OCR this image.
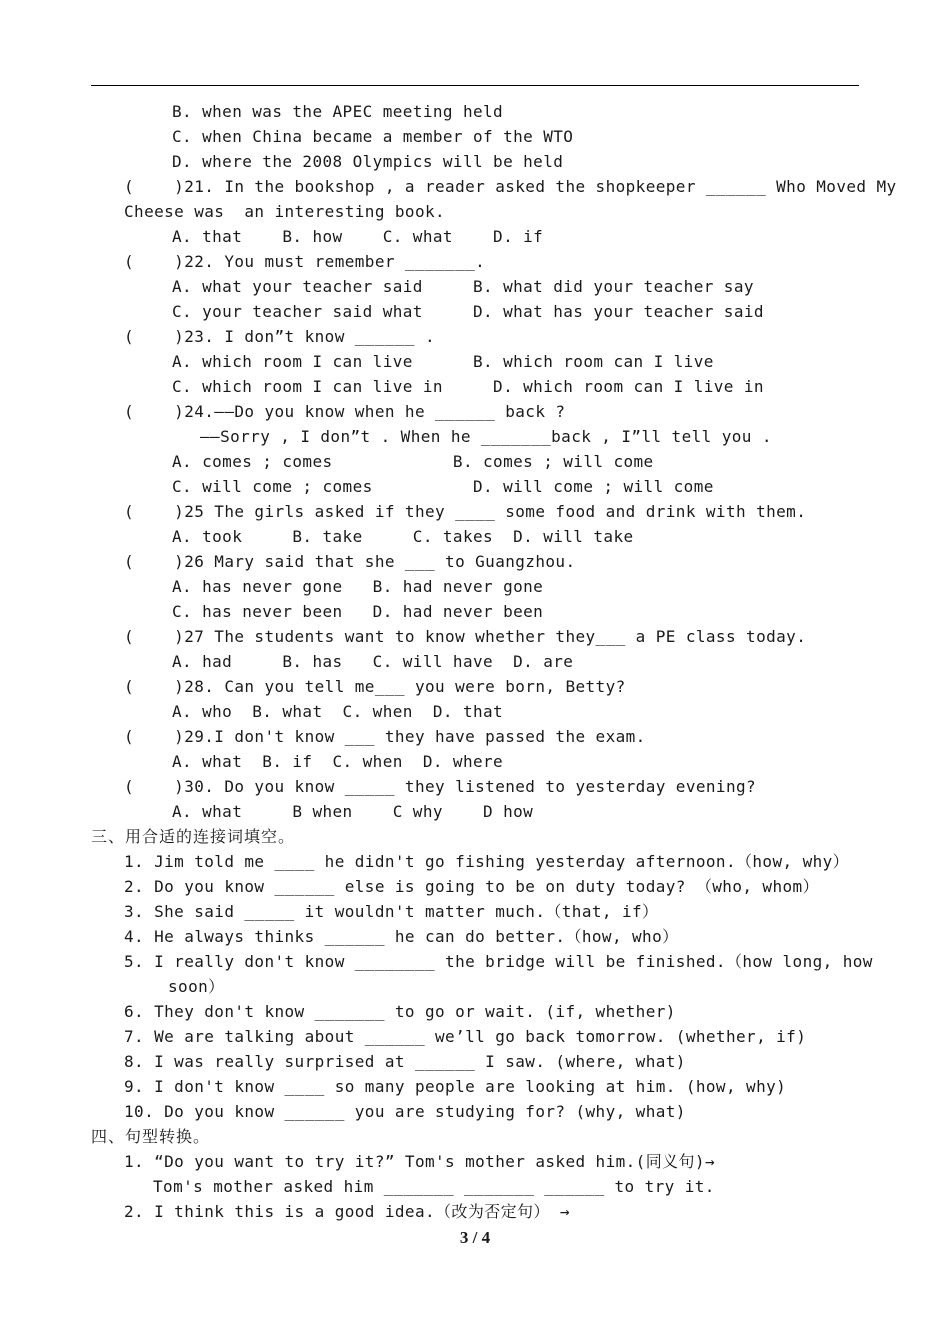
B. when was the APEC meeting held
C. when China became a member of the WTO
D. where the 2008 Olympics will be held
(    )21. In the bookshop , a reader asked the shopkeeper ______ Who Moved My
Cheese was  an interesting book.
A. that    B. how    C. what    D. if
(    )22. You must remember _______.
A. what your teacher said     B. what did your teacher say
C. your teacher said what     D. what has your teacher said
(    )23. I don”t know ______ .
A. which room I can live      B. which room can I live
C. which room I can live in     D. which room can I live in
(    )24.——Do you know when he ______ back ?
——Sorry , I don”t . When he _______back , I”ll tell you .
A. comes ; comes            B. comes ; will come
C. will come ; comes          D. will come ; will come
(    )25 The girls asked if they ____ some food and drink with them.
A. took     B. take     C. takes  D. will take
(    )26 Mary said that she ___ to Guangzhou.
A. has never gone   B. had never gone
C. has never been   D. had never been
(    )27 The students want to know whether they___ a PE class today.
A. had     B. has   C. will have  D. are
(    )28. Can you tell me___ you were born, Betty?
A. who  B. what  C. when  D. that
(    )29.I don't know ___ they have passed the exam.
A. what  B. if  C. when  D. where
(    )30. Do you know _____ they listened to yesterday evening?
A. what     B when    C why    D how
三、用合适的连接词填空。
1. Jim told me ____ he didn't go fishing yesterday afternoon.（how, why）
2. Do you know ______ else is going to be on duty today? （who, whom）
3. She said _____ it wouldn't matter much.（that, if）
4. He always thinks ______ he can do better.（how, who）
5. I really don't know ________ the bridge will be finished.（how long, how
soon）
6. They don't know _______ to go or wait. (if, whether)
7. We are talking about ______ we’ll go back tomorrow. (whether, if)
8. I was really surprised at ______ I saw. (where, what)
9. I don't know ____ so many people are looking at him. (how, why)
10. Do you know ______ you are studying for? (why, what)
四、句型转换。
1. “Do you want to try it?” Tom's mother asked him.(同义句)→
Tom's mother asked him _______ _______ ______ to try it.
2. I think this is a good idea.（改为否定句） →
3 / 4
